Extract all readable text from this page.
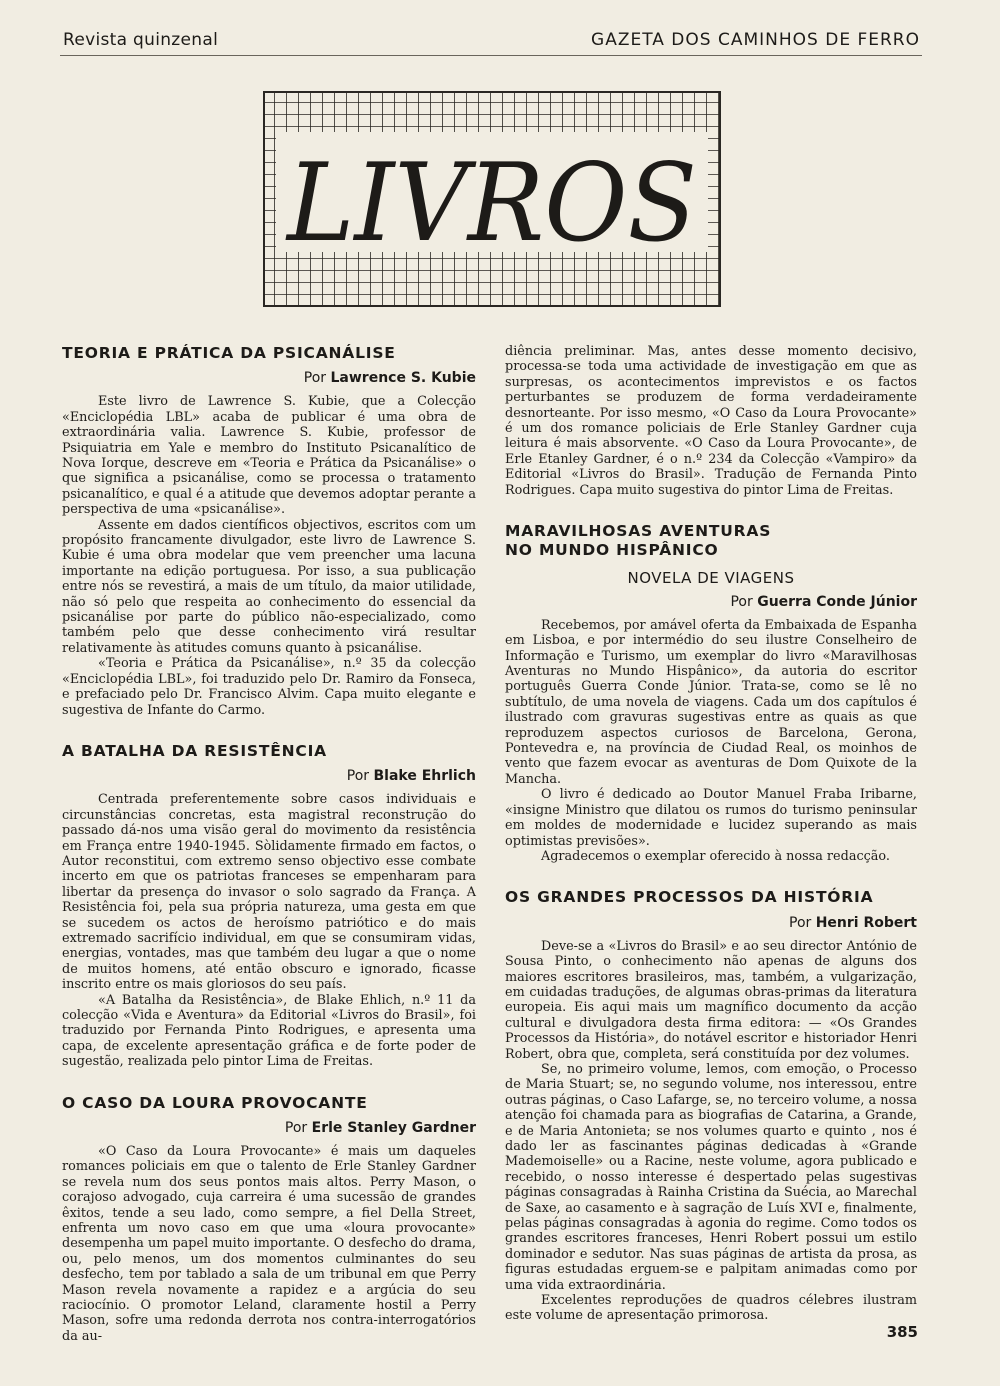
Revista quinzenal	GAZETA DOS CAMINHOS DE FERRO
LIVROS
TEORIA E PRÁTICA DA PSICANÁLISE
Por Lawrence S. Kubie

Este livro de Lawrence S. Kubie, que a Colecção «Enciclopédia LBL» acaba de publicar é uma obra de extraordinária valia. Lawrence S. Kubie, professor de Psiquiatria em Yale e membro do Instituto Psicanalítico de Nova Iorque, descreve em «Teoria e Prática da Psicanálise» o que significa a psicanálise, como se processa o tratamento psicanalítico, e qual é a atitude que devemos adoptar perante a perspectiva de uma «psicanálise».

Assente em dados científicos objectivos, escritos com um propósito francamente divulgador, este livro de Lawrence S. Kubie é uma obra modelar que vem preencher uma lacuna importante na edição portuguesa. Por isso, a sua publicação entre nós se revestirá, a mais de um título, da maior utilidade, não só pelo que respeita ao conhecimento do essencial da psicanálise por parte do público não-especializado, como também pelo que desse conhecimento virá resultar relativamente às atitudes comuns quanto à psicanálise.

«Teoria e Prática da Psicanálise», n.º 35 da colecção «Enciclopédia LBL», foi traduzido pelo Dr. Ramiro da Fonseca, e prefaciado pelo Dr. Francisco Alvim. Capa muito elegante e sugestiva de Infante do Carmo.

A BATALHA DA RESISTÊNCIA
Por Blake Ehrlich

Centrada preferentemente sobre casos individuais e circunstâncias concretas, esta magistral reconstrução do passado dá-nos uma visão geral do movimento da resistência em França entre 1940-1945. Sòlidamente firmado em factos, o Autor reconstitui, com extremo senso objectivo esse combate incerto em que os patriotas franceses se empenharam para libertar da presença do invasor o solo sagrado da França. A Resistência foi, pela sua própria natureza, uma gesta em que se sucedem os actos de heroísmo patriótico e do mais extremado sacrifício individual, em que se consumiram vidas, energias, vontades, mas que também deu lugar a que o nome de muitos homens, até então obscuro e ignorado, ficasse inscrito entre os mais gloriosos do seu país.

«A Batalha da Resistência», de Blake Ehlich, n.º 11 da colecção «Vida e Aventura» da Editorial «Livros do Brasil», foi traduzido por Fernanda Pinto Rodrigues, e apresenta uma capa, de excelente apresentação gráfica e de forte poder de sugestão, realizada pelo pintor Lima de Freitas.

O CASO DA LOURA PROVOCANTE
Por Erle Stanley Gardner

«O Caso da Loura Provocante» é mais um daqueles romances policiais em que o talento de Erle Stanley Gardner se revela num dos seus pontos mais altos. Perry Mason, o corajoso advogado, cuja carreira é uma sucessão de grandes êxitos, tende a seu lado, como sempre, a fiel Della Street, enfrenta um novo caso em que uma «loura provocante» desempenha um papel muito importante. O desfecho do drama, ou, pelo menos, um dos momentos culminantes do seu desfecho, tem por tablado a sala de um tribunal em que Perry Mason revela novamente a rapidez e a argúcia do seu raciocínio. O promotor Leland, claramente hostil a Perry Mason, sofre uma redonda derrota nos contra-interrogatórios da au-

diência preliminar. Mas, antes desse momento decisivo, processa-se toda uma actividade de investigação em que as surpresas, os acontecimentos imprevistos e os factos perturbantes se produzem de forma verdadeiramente desnorteante. Por isso mesmo, «O Caso da Loura Provocante» é um dos romance policiais de Erle Stanley Gardner cuja leitura é mais absorvente. «O Caso da Loura Provocante», de Erle Etanley Gardner, é o n.º 234 da Colecção «Vampiro» da Editorial «Livros do Brasil». Tradução de Fernanda Pinto Rodrigues. Capa muito sugestiva do pintor Lima de Freitas.

MARAVILHOSAS AVENTURAS
NO MUNDO HISPÂNICO
NOVELA DE VIAGENS
Por Guerra Conde Júnior

Recebemos, por amável oferta da Embaixada de Espanha em Lisboa, e por intermédio do seu ilustre Conselheiro de Informação e Turismo, um exemplar do livro «Maravilhosas Aventuras no Mundo Hispânico», da autoria do escritor português Guerra Conde Júnior. Trata-se, como se lê no subtítulo, de uma novela de viagens. Cada um dos capítulos é ilustrado com gravuras sugestivas entre as quais as que reproduzem aspectos curiosos de Barcelona, Gerona, Pontevedra e, na província de Ciudad Real, os moinhos de vento que fazem evocar as aventuras de Dom Quixote de la Mancha.

O livro é dedicado ao Doutor Manuel Fraba Iribarne, «insigne Ministro que dilatou os rumos do turismo peninsular em moldes de modernidade e lucidez superando as mais optimistas previsões».

Agradecemos o exemplar oferecido à nossa redacção.

OS GRANDES PROCESSOS DA HISTÓRIA
Por Henri Robert

Deve-se a «Livros do Brasil» e ao seu director António de Sousa Pinto, o conhecimento não apenas de alguns dos maiores escritores brasileiros, mas, também, a vulgarização, em cuidadas traduções, de algumas obras-primas da literatura europeia. Eis aqui mais um magnífico documento da acção cultural e divulgadora desta firma editora: — «Os Grandes Processos da História», do notável escritor e historiador Henri Robert, obra que, completa, será constituída por dez volumes.

Se, no primeiro volume, lemos, com emoção, o Processo de Maria Stuart; se, no segundo volume, nos interessou, entre outras páginas, o Caso Lafarge, se, no terceiro volume, a nossa atenção foi chamada para as biografias de Catarina, a Grande, e de Maria Antonieta; se nos volumes quarto e quinto , nos é dado ler as fascinantes páginas dedicadas à «Grande Mademoiselle» ou a Racine, neste volume, agora publicado e recebido, o nosso interesse é despertado pelas sugestivas páginas consagradas à Rainha Cristina da Suécia, ao Marechal de Saxe, ao casamento e à sagração de Luís XVI e, finalmente, pelas páginas consagradas à agonia do regime. Como todos os grandes escritores franceses, Henri Robert possui um estilo dominador e sedutor. Nas suas páginas de artista da prosa, as figuras estudadas erguem-se e palpitam animadas como por uma vida extraordinária.

Excelentes reproduções de quadros célebres ilustram este volume de apresentação primorosa.

385
